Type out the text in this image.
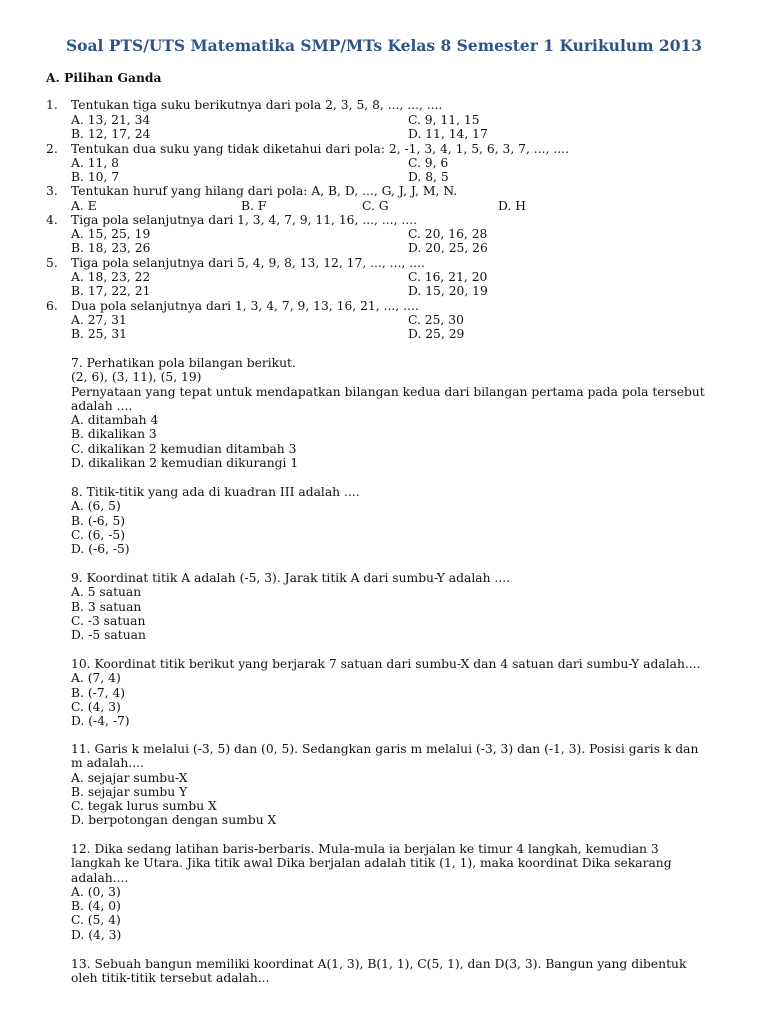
Soal PTS/UTS Matematika SMP/MTs Kelas 8 Semester 1 Kurikulum 2013
A. Pilihan Ganda
1. Tentukan tiga suku berikutnya dari pola 2, 3, 5, 8, ..., ..., ....
A. 13, 21, 34	C. 9, 11, 15
B. 12, 17, 24	D. 11, 14, 17
2. Tentukan dua suku yang tidak diketahui dari pola: 2, -1, 3, 4, 1, 5, 6, 3, 7, ..., ....
A. 11, 8	C. 9, 6
B. 10, 7	D. 8, 5
3. Tentukan huruf yang hilang dari pola: A, B, D, ..., G, J, J, M, N.
A. E	B. F	C. G	D. H
4. Tiga pola selanjutnya dari 1, 3, 4, 7, 9, 11, 16, ..., ..., ....
A. 15, 25, 19	C. 20, 16, 28
B. 18, 23, 26	D. 20, 25, 26
5. Tiga pola selanjutnya dari 5, 4, 9, 8, 13, 12, 17, ..., ..., ....
A. 18, 23, 22	C. 16, 21, 20
B. 17, 22, 21	D. 15, 20, 19
6. Dua pola selanjutnya dari 1, 3, 4, 7, 9, 13, 16, 21, ..., ....
A. 27, 31	C. 25, 30
B. 25, 31	D. 25, 29
7. Perhatikan pola bilangan berikut.
(2, 6), (3, 11), (5, 19)
Pernyataan yang tepat untuk mendapatkan bilangan kedua dari bilangan pertama pada pola tersebut
adalah ....
A. ditambah 4
B. dikalikan 3
C. dikalikan 2 kemudian ditambah 3
D. dikalikan 2 kemudian dikurangi 1
8. Titik-titik yang ada di kuadran III adalah ....
A. (6, 5)
B. (-6, 5)
C. (6, -5)
D. (-6, -5)
9. Koordinat titik A adalah (-5, 3). Jarak titik A dari sumbu-Y adalah ....
A. 5 satuan
B. 3 satuan
C. -3 satuan
D. -5 satuan
10. Koordinat titik berikut yang berjarak 7 satuan dari sumbu-X dan 4 satuan dari sumbu-Y adalah....
A. (7, 4)
B. (-7, 4)
C. (4, 3)
D. (-4, -7)
11. Garis k melalui (-3, 5) dan (0, 5). Sedangkan garis m melalui (-3, 3) dan (-1, 3). Posisi garis k dan
m adalah....
A. sejajar sumbu-X
B. sejajar sumbu Y
C. tegak lurus sumbu X
D. berpotongan dengan sumbu X
12. Dika sedang latihan baris-berbaris. Mula-mula ia berjalan ke timur 4 langkah, kemudian 3
langkah ke Utara. Jika titik awal Dika berjalan adalah titik (1, 1), maka koordinat Dika sekarang
adalah....
A. (0, 3)
B. (4, 0)
C. (5, 4)
D. (4, 3)
13. Sebuah bangun memiliki koordinat A(1, 3), B(1, 1), C(5, 1), dan D(3, 3). Bangun yang dibentuk
oleh titik-titik tersebut adalah...
